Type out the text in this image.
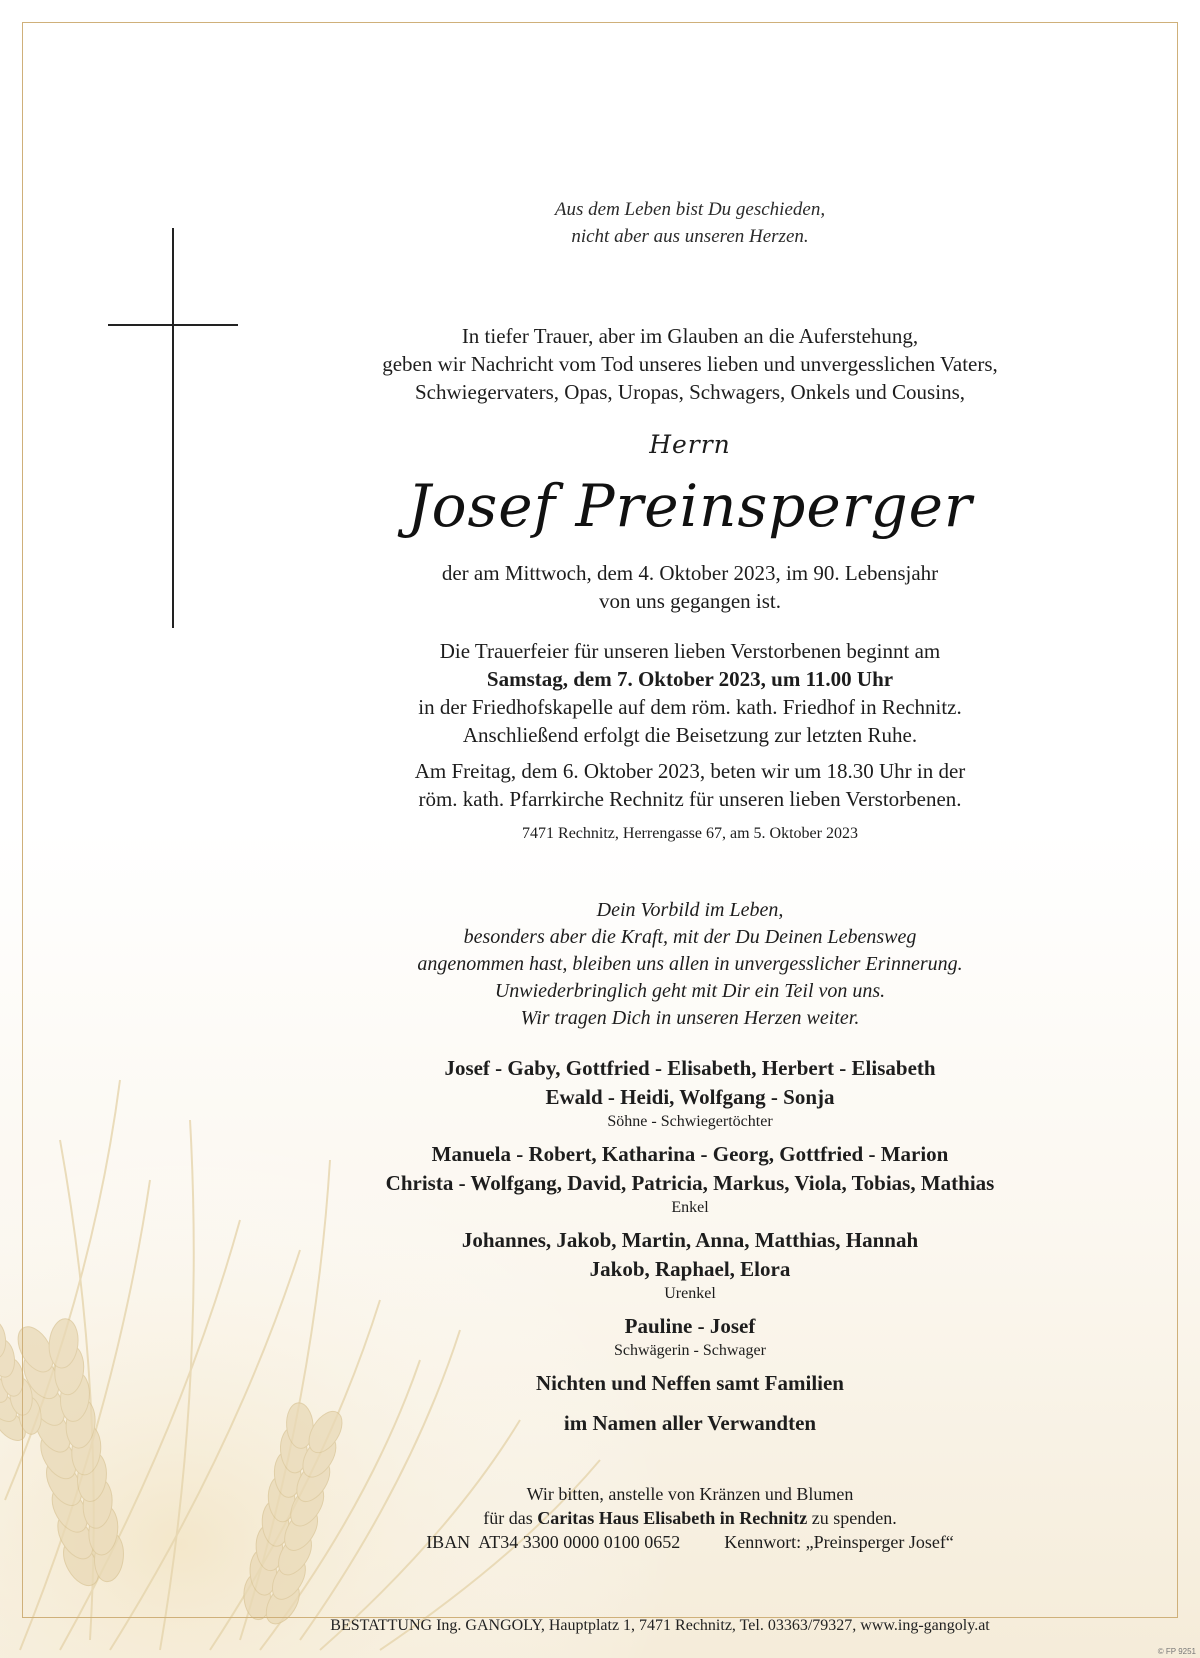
Aus dem Leben bist Du geschieden,
nicht aber aus unseren Herzen.
In tiefer Trauer, aber im Glauben an die Auferstehung,
geben wir Nachricht vom Tod unseres lieben und unvergesslichen Vaters,
Schwiegervaters, Opas, Uropas, Schwagers, Onkels und Cousins,
Herrn
Josef Preinsperger
der am Mittwoch, dem 4. Oktober 2023, im 90. Lebensjahr
von uns gegangen ist.
Die Trauerfeier für unseren lieben Verstorbenen beginnt am
Samstag, dem 7. Oktober 2023, um 11.00 Uhr
in der Friedhofskapelle auf dem röm. kath. Friedhof in Rechnitz.
Anschließend erfolgt die Beisetzung zur letzten Ruhe.
Am Freitag, dem 6. Oktober 2023, beten wir um 18.30 Uhr in der
röm. kath. Pfarrkirche Rechnitz für unseren lieben Verstorbenen.
7471 Rechnitz, Herrengasse 67, am 5. Oktober 2023
Dein Vorbild im Leben,
besonders aber die Kraft, mit der Du Deinen Lebensweg
angenommen hast, bleiben uns allen in unvergesslicher Erinnerung.
Unwiederbringlich geht mit Dir ein Teil von uns.
Wir tragen Dich in unseren Herzen weiter.
Josef - Gaby, Gottfried - Elisabeth, Herbert - Elisabeth
Ewald - Heidi, Wolfgang - Sonja
Söhne - Schwiegertöchter
Manuela - Robert, Katharina - Georg, Gottfried - Marion
Christa - Wolfgang, David, Patricia, Markus, Viola, Tobias, Mathias
Enkel
Johannes, Jakob, Martin, Anna, Matthias, Hannah
Jakob, Raphael, Elora
Urenkel
Pauline - Josef
Schwägerin - Schwager
Nichten und Neffen samt Familien
im Namen aller Verwandten
Wir bitten, anstelle von Kränzen und Blumen
für das Caritas Haus Elisabeth in Rechnitz zu spenden.
IBAN  AT34 3300 0000 0100 0652 Kennwort: „Preinsperger Josef“
BESTATTUNG Ing. GANGOLY, Hauptplatz 1, 7471 Rechnitz, Tel. 03363/79327, www.ing-gangoly.at
© FP 9251
